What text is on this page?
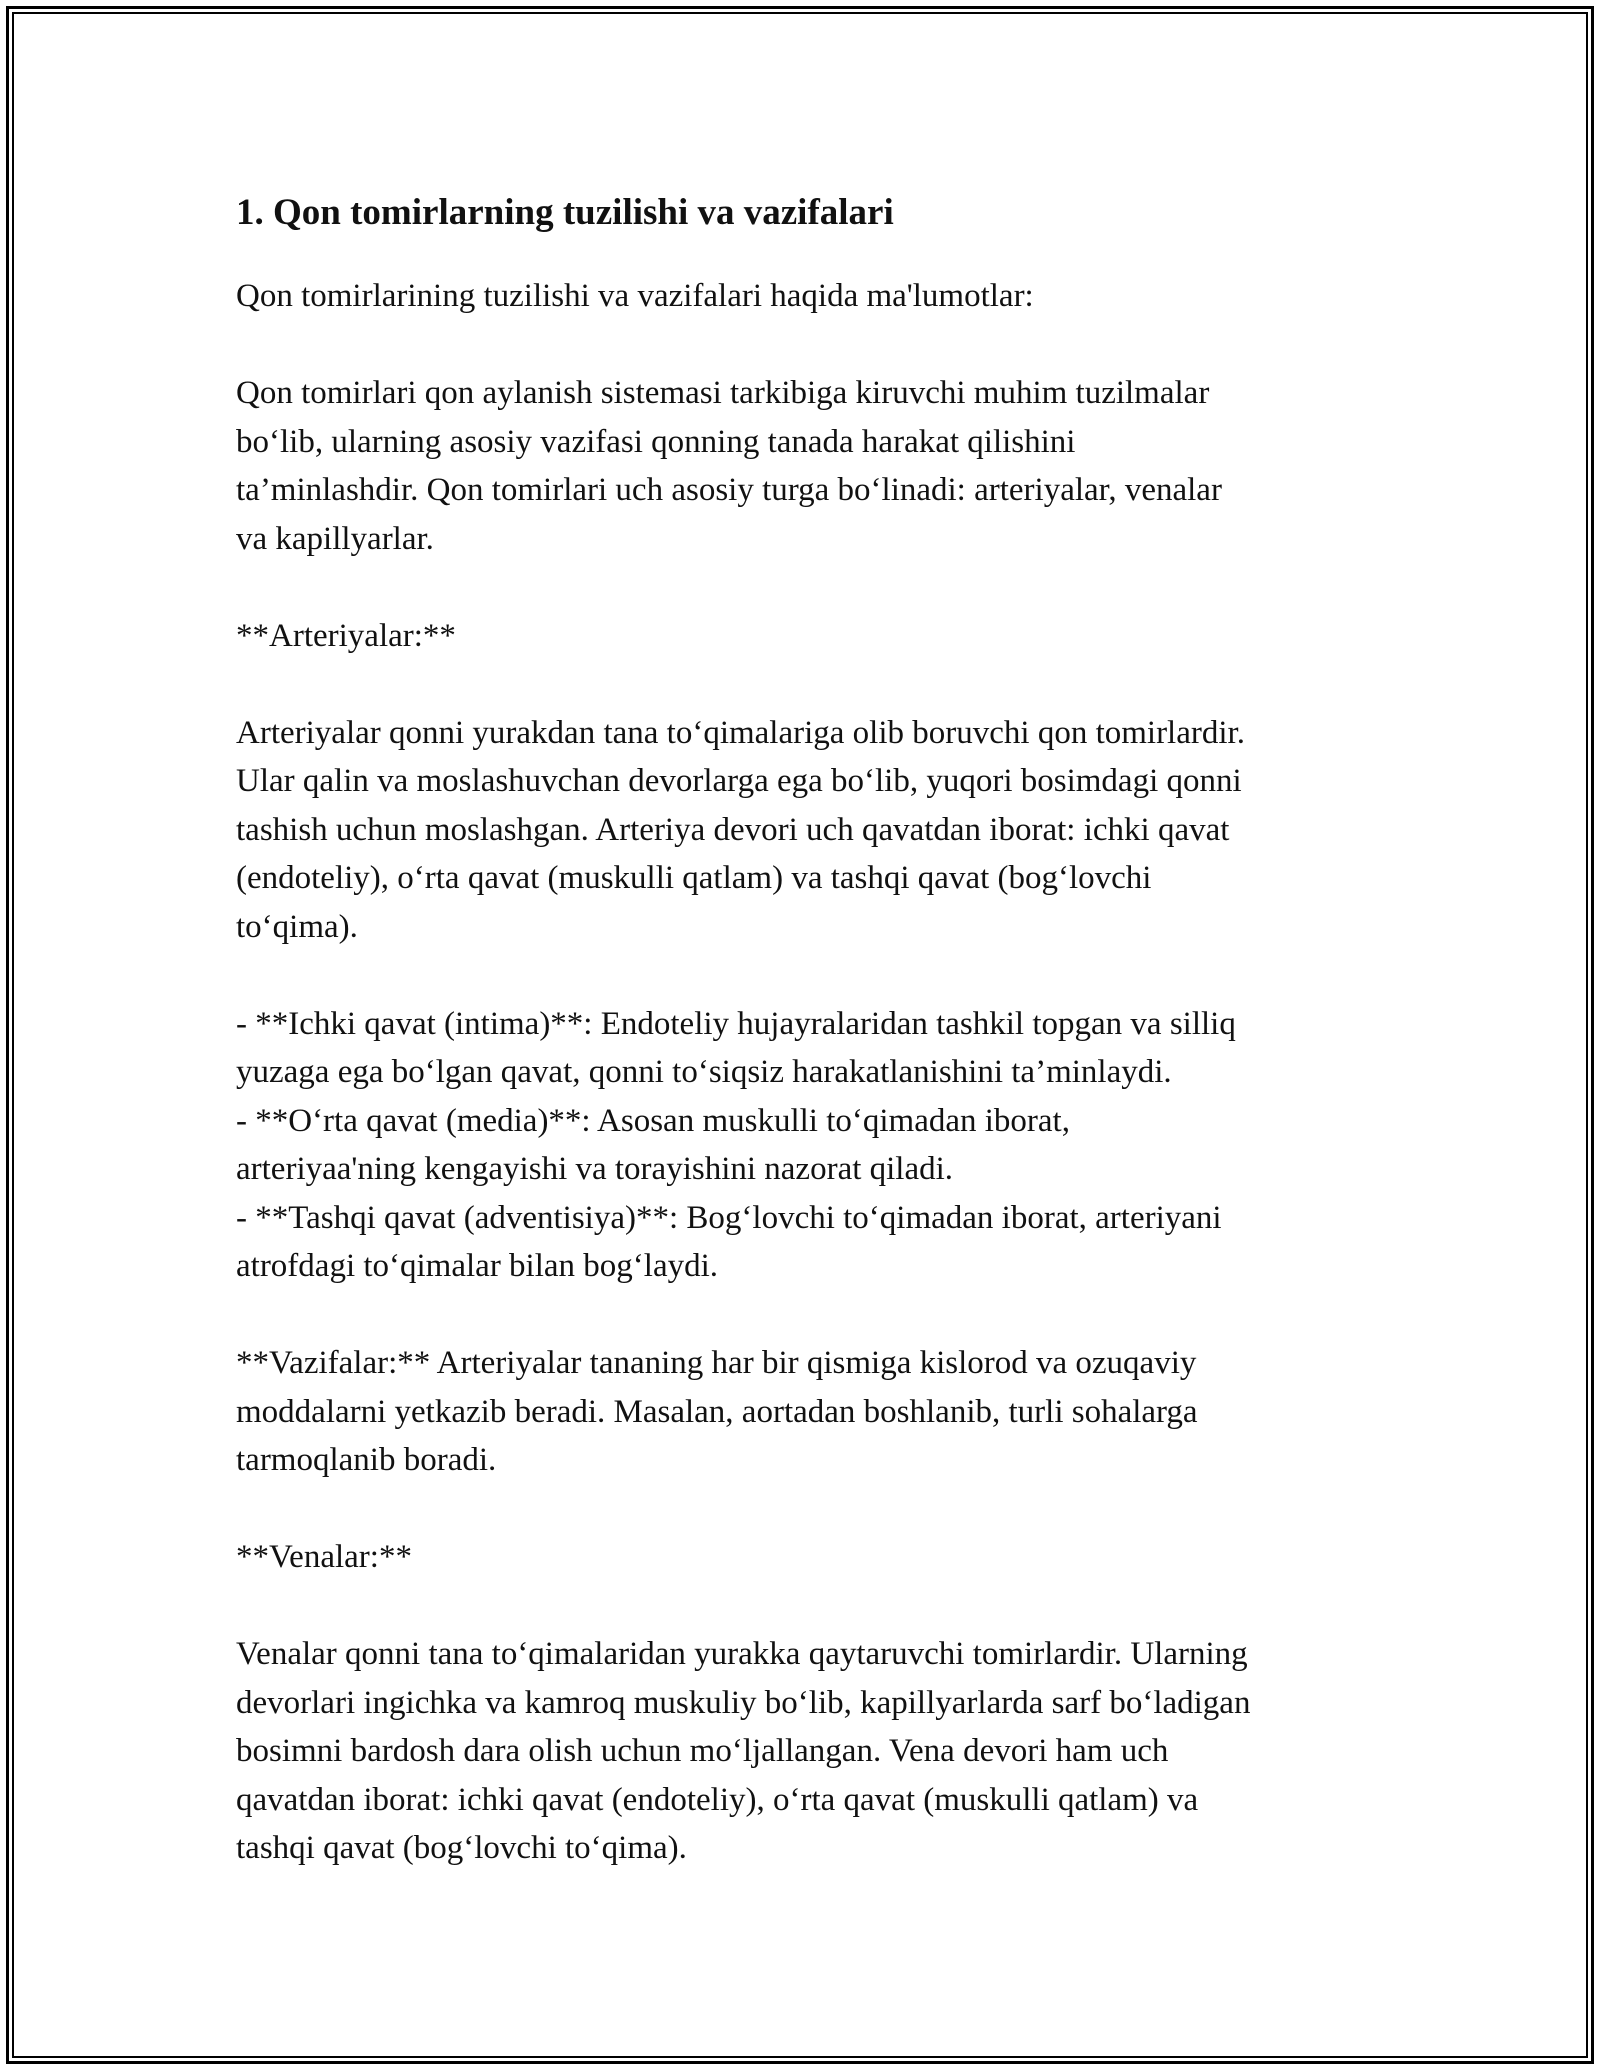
1. Qon tomirlarning tuzilishi va vazifalari

Qon tomirlarining tuzilishi va vazifalari haqida ma'lumotlar:

Qon tomirlari qon aylanish sistemasi tarkibiga kiruvchi muhim tuzilmalar
bo‘lib, ularning asosiy vazifasi qonning tanada harakat qilishini
ta’minlashdir. Qon tomirlari uch asosiy turga bo‘linadi: arteriyalar, venalar
va kapillyarlar.

**Arteriyalar:**

Arteriyalar qonni yurakdan tana to‘qimalariga olib boruvchi qon tomirlardir.
Ular qalin va moslashuvchan devorlarga ega bo‘lib, yuqori bosimdagi qonni
tashish uchun moslashgan. Arteriya devori uch qavatdan iborat: ichki qavat
(endoteliy), o‘rta qavat (muskulli qatlam) va tashqi qavat (bog‘lovchi
to‘qima).

- **Ichki qavat (intima)**: Endoteliy hujayralaridan tashkil topgan va silliq
yuzaga ega bo‘lgan qavat, qonni to‘siqsiz harakatlanishini ta’minlaydi.
- **O‘rta qavat (media)**: Asosan muskulli to‘qimadan iborat,
arteriyaa'ning kengayishi va torayishini nazorat qiladi.
- **Tashqi qavat (adventisiya)**: Bog‘lovchi to‘qimadan iborat, arteriyani
atrofdagi to‘qimalar bilan bog‘laydi.

**Vazifalar:** Arteriyalar tananing har bir qismiga kislorod va ozuqaviy
moddalarni yetkazib beradi. Masalan, aortadan boshlanib, turli sohalarga
tarmoqlanib boradi.

**Venalar:**

Venalar qonni tana to‘qimalaridan yurakka qaytaruvchi tomirlardir. Ularning
devorlari ingichka va kamroq muskuliy bo‘lib, kapillyarlarda sarf bo‘ladigan
bosimni bardosh dara olish uchun mo‘ljallangan. Vena devori ham uch
qavatdan iborat: ichki qavat (endoteliy), o‘rta qavat (muskulli qatlam) va
tashqi qavat (bog‘lovchi to‘qima).
